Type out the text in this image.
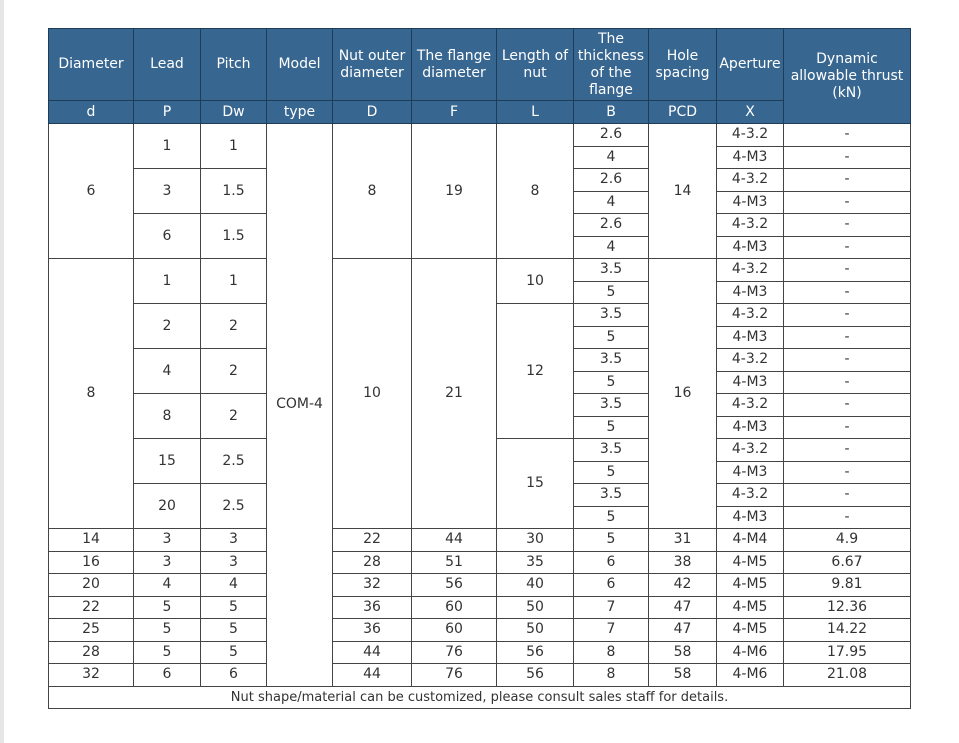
Diameter	Lead	Pitch	Model	Nut outer diameter	The flange diameter	Length of nut	The thickness of the flange	Hole spacing	Aperture	Dynamic allowable thrust (kN)
d	P	Dw	type	D	F	L	B	PCD	X	
6	1	1	COM-4	8	19	8	2.6	14	4-3.2	-
							4		4-M3	-
	3	1.5					2.6		4-3.2	-
							4		4-M3	-
	6	1.5					2.6		4-3.2	-
							4		4-M3	-
8	1	1		10	21	10	3.5	16	4-3.2	-
							5		4-M3	-
	2	2				12	3.5		4-3.2	-
							5		4-M3	-
	4	2					3.5		4-3.2	-
							5		4-M3	-
	8	2					3.5		4-3.2	-
							5		4-M3	-
	15	2.5				15	3.5		4-3.2	-
							5		4-M3	-
	20	2.5					3.5		4-3.2	-
							5		4-M3	-
14	3	3		22	44	30	5	31	4-M4	4.9
16	3	3		28	51	35	6	38	4-M5	6.67
20	4	4		32	56	40	6	42	4-M5	9.81
22	5	5		36	60	50	7	47	4-M5	12.36
25	5	5		36	60	50	7	47	4-M5	14.22
28	5	5		44	76	56	8	58	4-M6	17.95
32	6	6		44	76	56	8	58	4-M6	21.08
Nut shape/material can be customized, please consult sales staff for details.										
